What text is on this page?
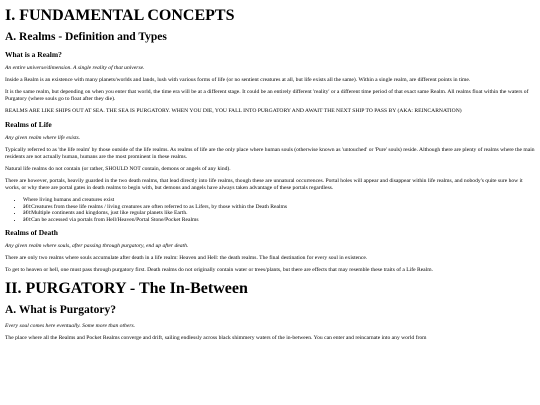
I. FUNDAMENTAL CONCEPTS
A. Realms - Definition and Types
What is a Realm?

An entire universe/dimension. A single reality of that universe.

Inside a Realm is an existence with many planets/worlds and lands, lush with various forms of life (or no sentient creatures at all, but life exists all the same). Within a single realm, are different points in time.

It is the same realm, but depending on when you enter that world, the time era will be at a different stage. It could be an entirely different 'reality' or a different time period of that exact same Realm. All realms float within the waters of Purgatory (where souls go to float after they die).

REALMS ARE LIKE SHIPS OUT AT SEA. THE SEA IS PURGATORY. WHEN YOU DIE, YOU FALL INTO PURGATORY AND AWAIT THE NEXT SHIP TO PASS BY (AKA: REINCARNATION)

Realms of Life

Any given realm where life exists.

Typically referred to as 'the life realm' by those outside of the life realms. As realms of life are the only place where human souls (otherwise known as 'untouched' or 'Pure' souls) reside. Although there are plenty of realms where the main residents are not actually human, humans are the most prominent in these realms.

Natural life realms do not contain (or rather, SHOULD NOT contain, demons or angels of any kind).

There are however, portals, heavily guarded in the two death realms, that lead directly into life realms, though these are unnatural occurrences. Portal holes will appear and disappear within life realms, and nobody's quite sure how it works, or why there are portal gates in death realms to begin with, but demons and angels have always taken advantage of these portals regardless.

• Where living humans and creatures exist
• â€¢Creatures from these life realms / living creatures are often referred to as Lifers, by those within the Death Realms
• â€¢Multiple continents and kingdoms, just like regular planets like Earth.
• â€¢Can be accessed via portals from Hell/Heaven/Portal Stone/Pocket Realms
Realms of Death

Any given realm where souls, after passing through purgatory, end up after death.

There are only two realms where souls accumulate after death in a life realm: Heaven and Hell: the death realms. The final destination for every soul in existence.

To get to heaven or hell, one must pass through purgatory first. Death realms do not originally contain water or trees/plants, but there are effects that may resemble these traits of a Life Realm.

II. PURGATORY - The In-Between
A. What is Purgatory?

Every soul comes here eventually. Some more than others.

The place where all the Realms and Pocket Realms converge and drift, sailing endlessly across black shimmery waters of the in-between. You can enter and reincarnate into any world from
